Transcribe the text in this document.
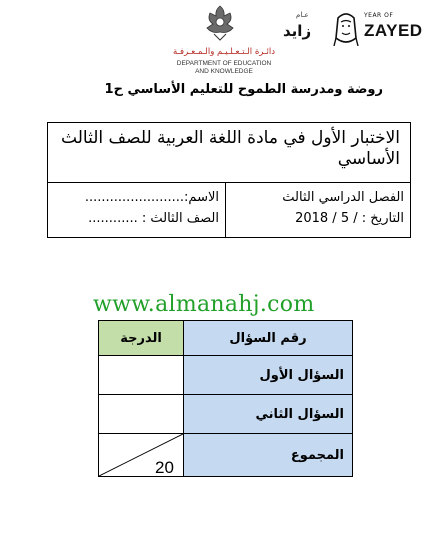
YEAR OF
ZAYED
عـام
زايد
دائـرة الـتـعـلـيـم والـمـعـرفـة
DEPARTMENT OF EDUCATION
AND KNOWLEDGE
روضة ومدرسة الطموح للتعليم الأساسي ح1
الاختبار الأول في مادة اللغة العربية للصف الثالث
الأساسي
الفصل الدراسي الثالث
التاريخ : / 5 / 2018
الاسم:........................
الصف الثالث : ............
www.almanahj.com
رقم السؤال	الدرجة
السؤال الأول	
السؤال الثاني	
المجموع	20
